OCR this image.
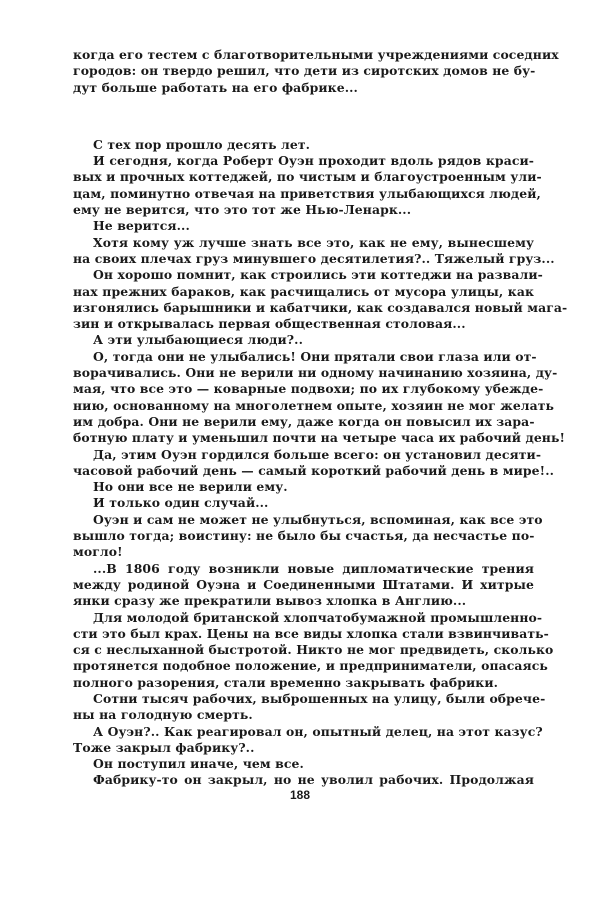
когда его тестем с благотворительными учреждениями соседних
городов: он твердо решил, что дети из сиротских домов не бу-
дут больше работать на его фабрике...
С тех пор прошло десять лет.
И сегодня, когда Роберт Оуэн проходит вдоль рядов краси-
вых и прочных коттеджей, по чистым и благоустроенным ули-
цам, поминутно отвечая на приветствия улыбающихся людей,
ему не верится, что это тот же Нью-Ленарк...
Не верится...
Хотя кому уж лучше знать все это, как не ему, вынесшему
на своих плечах груз минувшего десятилетия?.. Тяжелый груз...
Он хорошо помнит, как строились эти коттеджи на развали-
нах прежних бараков, как расчищались от мусора улицы, как
изгонялись барышники и кабатчики, как создавался новый мага-
зин и открывалась первая общественная столовая...
А эти улыбающиеся люди?..
О, тогда они не улыбались! Они прятали свои глаза или от-
ворачивались. Они не верили ни одному начинанию хозяина, ду-
мая, что все это — коварные подвохи; по их глубокому убежде-
нию, основанному на многолетнем опыте, хозяин не мог желать
им добра. Они не верили ему, даже когда он повысил их зара-
ботную плату и уменьшил почти на четыре часа их рабочий день!
Да, этим Оуэн гордился больше всего: он установил десяти-
часовой рабочий день — самый короткий рабочий день в мире!..
Но они все не верили ему.
И только один случай...
Оуэн и сам не может не улыбнуться, вспоминая, как все это
вышло тогда; воистину: не было бы счастья, да несчастье по-
могло!
...В 1806 году возникли новые дипломатические трения
между родиной Оуэна и Соединенными Штатами. И хитрые
янки сразу же прекратили вывоз хлопка в Англию...
Для молодой британской хлопчатобумажной промышленно-
сти это был крах. Цены на все виды хлопка стали взвинчивать-
ся с неслыханной быстротой. Никто не мог предвидеть, сколько
протянется подобное положение, и предприниматели, опасаясь
полного разорения, стали временно закрывать фабрики.
Сотни тысяч рабочих, выброшенных на улицу, были обрече-
ны на голодную смерть.
А Оуэн?.. Как реагировал он, опытный делец, на этот казус?
Тоже закрыл фабрику?..
Он поступил иначе, чем все.
Фабрику-то он закрыл, но не уволил рабочих. Продолжая
188
